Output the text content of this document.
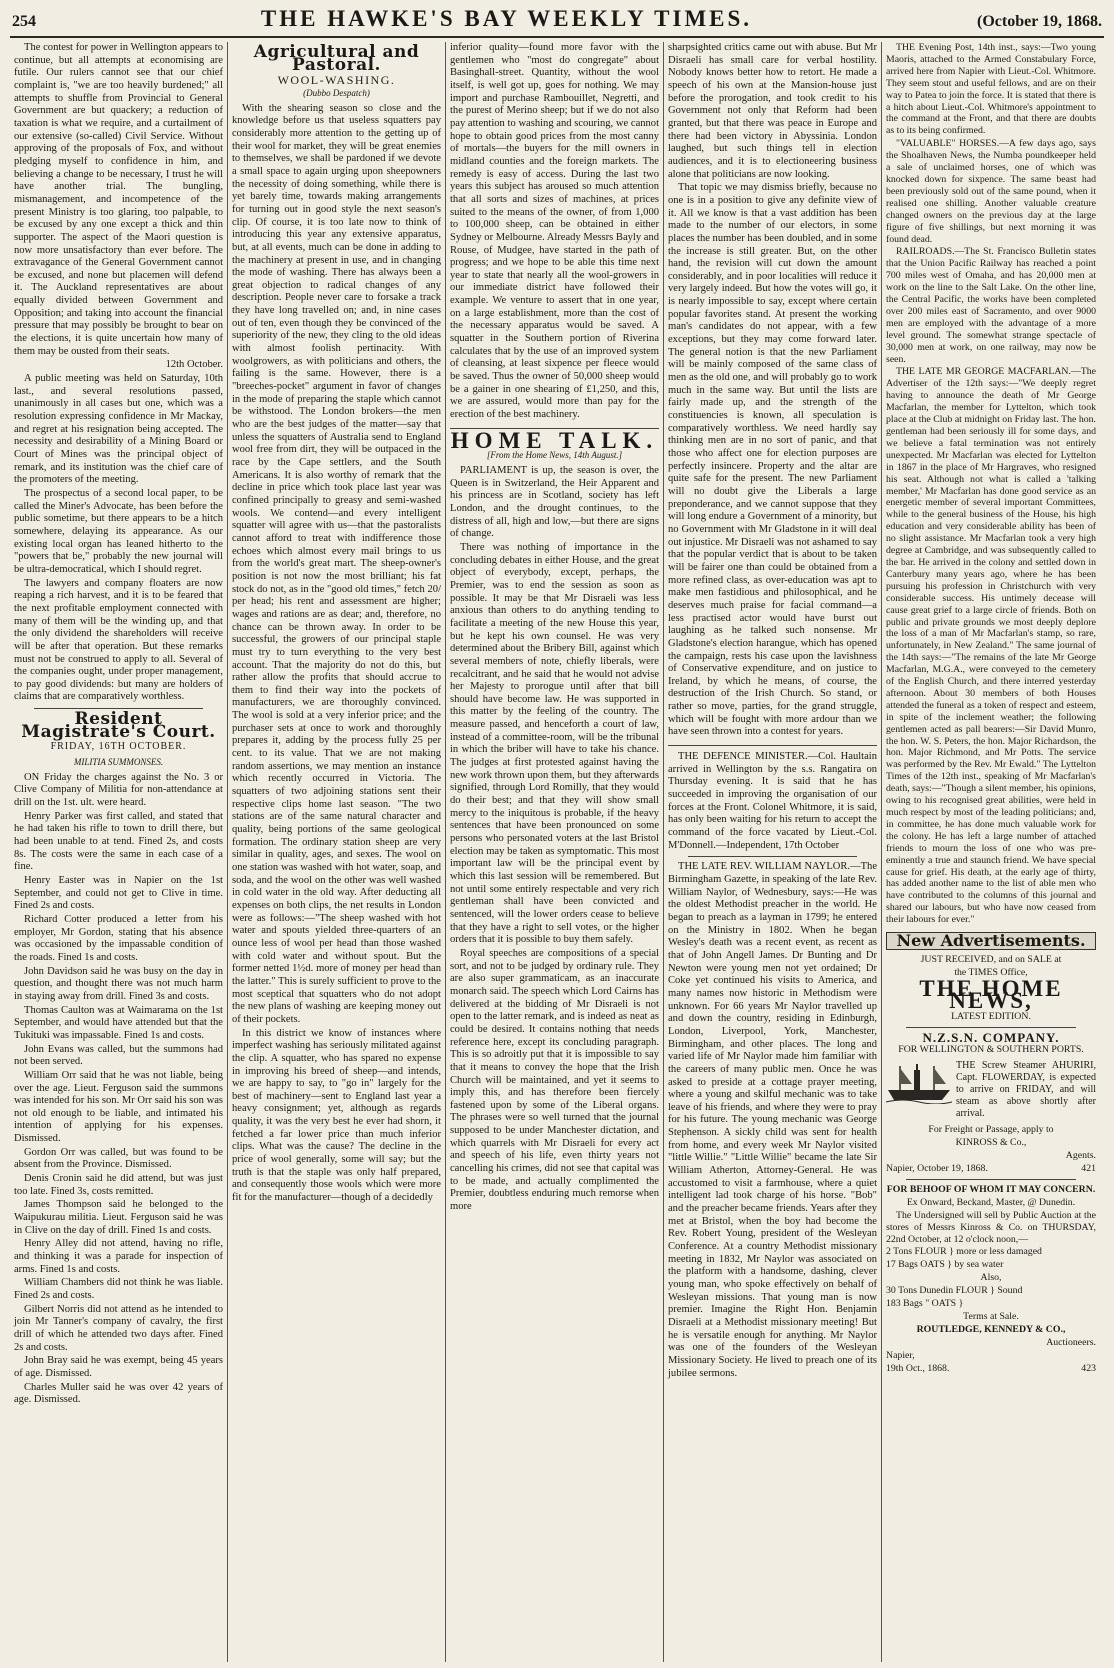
254	THE HAWKE'S BAY WEEKLY TIMES.	(October 19, 1868.

The contest for power in Wellington appears to continue, but all attempts at economising are futile. Our rulers cannot see that our chief complaint is, "we are too heavily burdened;" all attempts to shuffle from Provincial to General Government are but quackery; a reduction of taxation is what we require, and a curtailment of our extensive (so-called) Civil Service. Without approving of the proposals of Fox, and without pledging myself to confidence in him, and believing a change to be necessary, I trust he will have another trial. The bungling, mismanagement, and incompetence of the present Ministry is too glaring, too palpable, to be excused by any one except a thick and thin supporter. The aspect of the Maori question is now more unsatisfactory than ever before. The extravagance of the General Government cannot be excused, and none but placemen will defend it. The Auckland representatives are about equally divided between Government and Opposition; and taking into account the financial pressure that may possibly be brought to bear on the elections, it is quite uncertain how many of them may be ousted from their seats.

12th October.

A public meeting was held on Saturday, 10th last., and several resolutions passed, unanimously in all cases but one, which was a resolution expressing confidence in Mr Mackay, and regret at his resignation being accepted. The necessity and desirability of a Mining Board or Court of Mines was the principal object of remark, and its institution was the chief care of the promoters of the meeting.

The prospectus of a second local paper, to be called the Miner's Advocate, has been before the public sometime, but there appears to be a hitch somewhere, delaying its appearance. As our existing local organ has leaned hitherto to the "powers that be," probably the new journal will be ultra-democratical, which I should regret.

The lawyers and company floaters are now reaping a rich harvest, and it is to be feared that the next profitable employment connected with many of them will be the winding up, and that the only dividend the shareholders will receive will be after that operation. But these remarks must not be construed to apply to all. Several of the companies ought, under proper management, to pay good dividends: but many are holders of claims that are comparatively worthless.

Resident Magistrate's Court.
FRIDAY, 16TH OCTOBER.
MILITIA SUMMONSES.

ON Friday the charges against the No. 3 or Clive Company of Militia for non-attendance at drill on the 1st. ult. were heard.

Henry Parker was first called, and stated that he had taken his rifle to town to drill there, but had been unable to at tend. Fined 2s, and costs 8s. The costs were the same in each case of a fine.

Henry Easter was in Napier on the 1st September, and could not get to Clive in time. Fined 2s and costs.

Richard Cotter produced a letter from his employer, Mr Gordon, stating that his absence was occasioned by the impassable condition of the roads. Fined 1s and costs.

John Davidson said he was busy on the day in question, and thought there was not much harm in staying away from drill. Fined 3s and costs.

Thomas Caulton was at Waimarama on the 1st September, and would have attended but that the Tukituki was impassable. Fined 1s and costs.

John Evans was called, but the summons had not been served.

William Orr said that he was not liable, being over the age. Lieut. Ferguson said the summons was intended for his son. Mr Orr said his son was not old enough to be liable, and intimated his intention of applying for his expenses. Dismissed.

Gordon Orr was called, but was found to be absent from the Province. Dismissed.

Denis Cronin said he did attend, but was just too late. Fined 3s, costs remitted.

James Thompson said he belonged to the Waipukurau militia. Lieut. Ferguson said he was in Clive on the day of drill. Fined 1s and costs.

Henry Alley did not attend, having no rifle, and thinking it was a parade for inspection of arms. Fined 1s and costs.

William Chambers did not think he was liable. Fined 2s and costs.

Gilbert Norris did not attend as he intended to join Mr Tanner's company of cavalry, the first drill of which he attended two days after. Fined 2s and costs.

John Bray said he was exempt, being 45 years of age. Dismissed.

Charles Muller said he was over 42 years of age. Dismissed.

Agricultural and Pastoral.
WOOL-WASHING.
(Dubbo Despatch)

With the shearing season so close and the knowledge before us that useless squatters pay considerably more attention to the getting up of their wool for market, they will be great enemies to themselves, we shall be pardoned if we devote a small space to again urging upon sheepowners the necessity of doing something, while there is yet barely time, towards making arrangements for turning out in good style the next season's clip. Of course, it is too late now to think of introducing this year any extensive apparatus, but, at all events, much can be done in adding to the machinery at present in use, and in changing the mode of washing. There has always been a great objection to radical changes of any description. People never care to forsake a track they have long travelled on; and, in nine cases out of ten, even though they be convinced of the superiority of the new, they cling to the old ideas with almost foolish pertinacity. With woolgrowers, as with politicians and others, the failing is the same. However, there is a "breeches-pocket" argument in favor of changes in the mode of preparing the staple which cannot be withstood. The London brokers—the men who are the best judges of the matter—say that unless the squatters of Australia send to England wool free from dirt, they will be outpaced in the race by the Cape settlers, and the South Americans. It is also worthy of remark that the decline in price which took place last year was confined principally to greasy and semi-washed wools. We contend—and every intelligent squatter will agree with us—that the pastoralists cannot afford to treat with indifference those echoes which almost every mail brings to us from the world's great mart. The sheep-owner's position is not now the most brilliant; his fat stock do not, as in the "good old times," fetch 20/ per head; his rent and assessment are higher; wages and rations are as dear; and, therefore, no chance can be thrown away. In order to be successful, the growers of our principal staple must try to turn everything to the very best account. That the majority do not do this, but rather allow the profits that should accrue to them to find their way into the pockets of manufacturers, we are thoroughly convinced. The wool is sold at a very inferior price; and the purchaser sets at once to work and thoroughly prepares it, adding by the process fully 25 per cent. to its value. That we are not making random assertions, we may mention an instance which recently occurred in Victoria. The squatters of two adjoining stations sent their respective clips home last season. "The two stations are of the same natural character and quality, being portions of the same geological formation. The ordinary station sheep are very similar in quality, ages, and sexes. The wool on one station was washed with hot water, soap, and soda, and the wool on the other was well washed in cold water in the old way. After deducting all expenses on both clips, the net results in London were as follows:—"The sheep washed with hot water and spouts yielded three-quarters of an ounce less of wool per head than those washed with cold water and without spout. But the former netted 1½d. more of money per head than the latter." This is surely sufficient to prove to the most sceptical that squatters who do not adopt the new plans of washing are keeping money out of their pockets.

In this district we know of instances where imperfect washing has seriously militated against the clip. A squatter, who has spared no expense in improving his breed of sheep—and intends, we are happy to say, to "go in" largely for the best of machinery—sent to England last year a heavy consignment; yet, although as regards quality, it was the very best he ever had shorn, it fetched a far lower price than much inferior clips. What was the cause? The decline in the price of wool generally, some will say; but the truth is that the staple was only half prepared, and consequently those wools which were more fit for the manufacturer—though of a decidedly

inferior quality—found more favor with the gentlemen who "most do congregate" about Basinghall-street. Quantity, without the wool itself, is well got up, goes for nothing. We may import and purchase Rambouillet, Negretti, and the purest of Merino sheep; but if we do not also pay attention to washing and scouring, we cannot hope to obtain good prices from the most canny of mortals—the buyers for the mill owners in midland counties and the foreign markets. The remedy is easy of access. During the last two years this subject has aroused so much attention that all sorts and sizes of machines, at prices suited to the means of the owner, of from 1,000 to 100,000 sheep, can be obtained in either Sydney or Melbourne. Already Messrs Bayly and Rouse, of Mudgee, have started in the path of progress; and we hope to be able this time next year to state that nearly all the wool-growers in our immediate district have followed their example. We venture to assert that in one year, on a large establishment, more than the cost of the necessary apparatus would be saved. A squatter in the Southern portion of Riverina calculates that by the use of an improved system of cleansing, at least sixpence per fleece would be saved. Thus the owner of 50,000 sheep would be a gainer in one shearing of £1,250, and this, we are assured, would more than pay for the erection of the best machinery.

HOME TALK.
[From the Home News, 14th August.]

PARLIAMENT is up, the season is over, the Queen is in Switzerland, the Heir Apparent and his princess are in Scotland, society has left London, and the drought continues, to the distress of all, high and low,—but there are signs of change.

There was nothing of importance in the concluding debates in either House, and the great object of everybody, except, perhaps, the Premier, was to end the session as soon as possible. It may be that Mr Disraeli was less anxious than others to do anything tending to facilitate a meeting of the new House this year, but he kept his own counsel. He was very determined about the Bribery Bill, against which several members of note, chiefly liberals, were recalcitrant, and he said that he would not advise her Majesty to prorogue until after that bill should have become law. He was supported in this matter by the feeling of the country. The measure passed, and henceforth a court of law, instead of a committee-room, will be the tribunal in which the briber will have to take his chance. The judges at first protested against having the new work thrown upon them, but they afterwards signified, through Lord Romilly, that they would do their best; and that they will show small mercy to the iniquitous is probable, if the heavy sentences that have been pronounced on some persons who personated voters at the last Bristol election may be taken as symptomatic. This most important law will be the principal event by which this last session will be remembered. But not until some entirely respectable and very rich gentleman shall have been convicted and sentenced, will the lower orders cease to believe that they have a right to sell votes, or the higher orders that it is possible to buy them safely.

Royal speeches are compositions of a special sort, and not to be judged by ordinary rule. They are also super grammaticam, as an inaccurate monarch said. The speech which Lord Cairns has delivered at the bidding of Mr Disraeli is not open to the latter remark, and is indeed as neat as could be desired. It contains nothing that needs reference here, except its concluding paragraph. This is so adroitly put that it is impossible to say that it means to convey the hope that the Irish Church will be maintained, and yet it seems to imply this, and has therefore been fiercely fastened upon by some of the Liberal organs. The phrases were so well turned that the journal supposed to be under Manchester dictation, and which quarrels with Mr Disraeli for every act and speech of his life, even thirty years not cancelling his crimes, did not see that capital was to be made, and actually complimented the Premier, doubtless enduring much remorse when more

sharpsighted critics came out with abuse. But Mr Disraeli has small care for verbal hostility. Nobody knows better how to retort. He made a speech of his own at the Mansion-house just before the prorogation, and took credit to his Government not only that Reform had been granted, but that there was peace in Europe and there had been victory in Abyssinia. London laughed, but such things tell in election audiences, and it is to electioneering business alone that politicians are now looking.

That topic we may dismiss briefly, because no one is in a position to give any definite view of it. All we know is that a vast addition has been made to the number of our electors, in some places the number has been doubled, and in some the increase is still greater. But, on the other hand, the revision will cut down the amount considerably, and in poor localities will reduce it very largely indeed. But how the votes will go, it is nearly impossible to say, except where certain popular favorites stand. At present the working man's candidates do not appear, with a few exceptions, but they may come forward later. The general notion is that the new Parliament will be mainly composed of the same class of men as the old one, and will probably go to work much in the same way. But until the lists are fairly made up, and the strength of the constituencies is known, all speculation is comparatively worthless. We need hardly say thinking men are in no sort of panic, and that those who affect one for election purposes are perfectly insincere. Property and the altar are quite safe for the present. The new Parliament will no doubt give the Liberals a large preponderance, and we cannot suppose that they will long endure a Government of a minority, but no Government with Mr Gladstone in it will deal out injustice. Mr Disraeli was not ashamed to say that the popular verdict that is about to be taken will be fairer one than could be obtained from a more refined class, as over-education was apt to make men fastidious and philosophical, and he deserves much praise for facial command—a less practised actor would have burst out laughing as he talked such nonsense. Mr Gladstone's election harangue, which has opened the campaign, rests his case upon the lavishness of Conservative expenditure, and on justice to Ireland, by which he means, of course, the destruction of the Irish Church. So stand, or rather so move, parties, for the grand struggle, which will be fought with more ardour than we have seen thrown into a contest for years.

THE DEFENCE MINISTER.—Col. Haultain arrived in Wellington by the s.s. Rangatira on Thursday evening. It is said that he has succeeded in improving the organisation of our forces at the Front. Colonel Whitmore, it is said, has only been waiting for his return to accept the command of the force vacated by Lieut.-Col. M'Donnell.—Independent, 17th October

THE LATE REV. WILLIAM NAYLOR.—The Birmingham Gazette, in speaking of the late Rev. William Naylor, of Wednesbury, says:—He was the oldest Methodist preacher in the world. He began to preach as a layman in 1799; he entered on the Ministry in 1802. When he began Wesley's death was a recent event, as recent as that of John Angell James. Dr Bunting and Dr Newton were young men not yet ordained; Dr Coke yet continued his visits to America, and many names now historic in Methodism were unknown. For 66 years Mr Naylor travelled up and down the country, residing in Edinburgh, London, Liverpool, York, Manchester, Birmingham, and other places. The long and varied life of Mr Naylor made him familiar with the careers of many public men. Once he was asked to preside at a cottage prayer meeting, where a young and skilful mechanic was to take leave of his friends, and where they were to pray for his future. The young mechanic was George Stephenson. A sickly child was sent for health from home, and every week Mr Naylor visited "little Willie." "Little Willie" became the late Sir William Atherton, Attorney-General. He was accustomed to visit a farmhouse, where a quiet intelligent lad took charge of his horse. "Bob" and the preacher became friends. Years after they met at Bristol, when the boy had become the Rev. Robert Young, president of the Wesleyan Conference. At a country Methodist missionary meeting in 1832, Mr Naylor was associated on the platform with a handsome, dashing, clever young man, who spoke effectively on behalf of Wesleyan missions. That young man is now premier. Imagine the Right Hon. Benjamin Disraeli at a Methodist missionary meeting! But he is versatile enough for anything. Mr Naylor was one of the founders of the Wesleyan Missionary Society. He lived to preach one of its jubilee sermons.

THE Evening Post, 14th inst., says:—Two young Maoris, attached to the Armed Constabulary Force, arrived here from Napier with Lieut.-Col. Whitmore. They seem stout and useful fellows, and are on their way to Patea to join the force. It is stated that there is a hitch about Lieut.-Col. Whitmore's appointment to the command at the Front, and that there are doubts as to its being confirmed.

"VALUABLE" HORSES.—A few days ago, says the Shoalhaven News, the Numba poundkeeper held a sale of unclaimed horses, one of which was knocked down for sixpence. The same beast had been previously sold out of the same pound, when it realised one shilling. Another valuable creature changed owners on the previous day at the large figure of five shillings, but next morning it was found dead.

RAILROADS.—The St. Francisco Bulletin states that the Union Pacific Railway has reached a point 700 miles west of Omaha, and has 20,000 men at work on the line to the Salt Lake. On the other line, the Central Pacific, the works have been completed over 200 miles east of Sacramento, and over 9000 men are employed with the advantage of a more level ground. The somewhat strange spectacle of 30,000 men at work, on one railway, may now be seen.

THE LATE MR GEORGE MACFARLAN.—The Advertiser of the 12th says:—"We deeply regret having to announce the death of Mr George Macfarlan, the member for Lyttelton, which took place at the Club at midnight on Friday last. The hon. gentleman had been seriously ill for some days, and we believe a fatal termination was not entirely unexpected. Mr Macfarlan was elected for Lyttelton in 1867 in the place of Mr Hargraves, who resigned his seat. Although not what is called a 'talking member,' Mr Macfarlan has done good service as an energetic member of several important Committees, while to the general business of the House, his high education and very considerable ability has been of no slight assistance. Mr Macfarlan took a very high degree at Cambridge, and was subsequently called to the bar. He arrived in the colony and settled down in Canterbury many years ago, where he has been pursuing his profession in Christchurch with very considerable success. His untimely decease will cause great grief to a large circle of friends. Both on public and private grounds we most deeply deplore the loss of a man of Mr Macfarlan's stamp, so rare, unfortunately, in New Zealand." The same journal of the 14th says:—"The remains of the late Mr George Macfarlan, M.G.A., were conveyed to the cemetery of the English Church, and there interred yesterday afternoon. About 30 members of both Houses attended the funeral as a token of respect and esteem, in spite of the inclement weather; the following gentlemen acted as pall bearers:—Sir David Munro, the hon. W. S. Peters, the hon. Major Richardson, the hon. Major Richmond, and Mr Potts. The service was performed by the Rev. Mr Ewald." The Lyttelton Times of the 12th inst., speaking of Mr Macfarlan's death, says:—"Though a silent member, his opinions, owing to his recognised great abilities, were held in much respect by most of the leading politicians; and, in committee, he has done much valuable work for the colony. He has left a large number of attached friends to mourn the loss of one who was pre-eminently a true and staunch friend. We have special cause for grief. His death, at the early age of thirty, has added another name to the list of able men who have contributed to the columns of this journal and shared our labours, but who have now ceased from their labours for ever."

New Advertisements.

JUST RECEIVED, and on SALE at

the TIMES Office,

THE HOME NEWS,

LATEST EDITION.

N.Z.S.N. COMPANY.

FOR WELLINGTON & SOUTHERN PORTS.

THE Screw Steamer AHURIRI, Capt. FLOWERDAY, is expected to arrive on FRIDAY, and will steam as above shortly after arrival.

For Freight or Passage, apply to

KINROSS & Co.,

Agents.

Napier, October 19, 1868.	421

FOR BEHOOF OF WHOM IT MAY CONCERN.

Ex Onward, Beckand, Master, @ Dunedin.

The Undersigned will sell by Public Auction at the stores of Messrs Kinross & Co. on THURSDAY, 22nd October, at 12 o'clock noon,—

2 Tons FLOUR } more or less damaged

17 Bags OATS } by sea water

Also,

30 Tons Dunedin FLOUR } Sound

183 Bags " OATS }

Terms at Sale.

ROUTLEDGE, KENNEDY & CO.,

Auctioneers.

Napier,

19th Oct., 1868.	423
